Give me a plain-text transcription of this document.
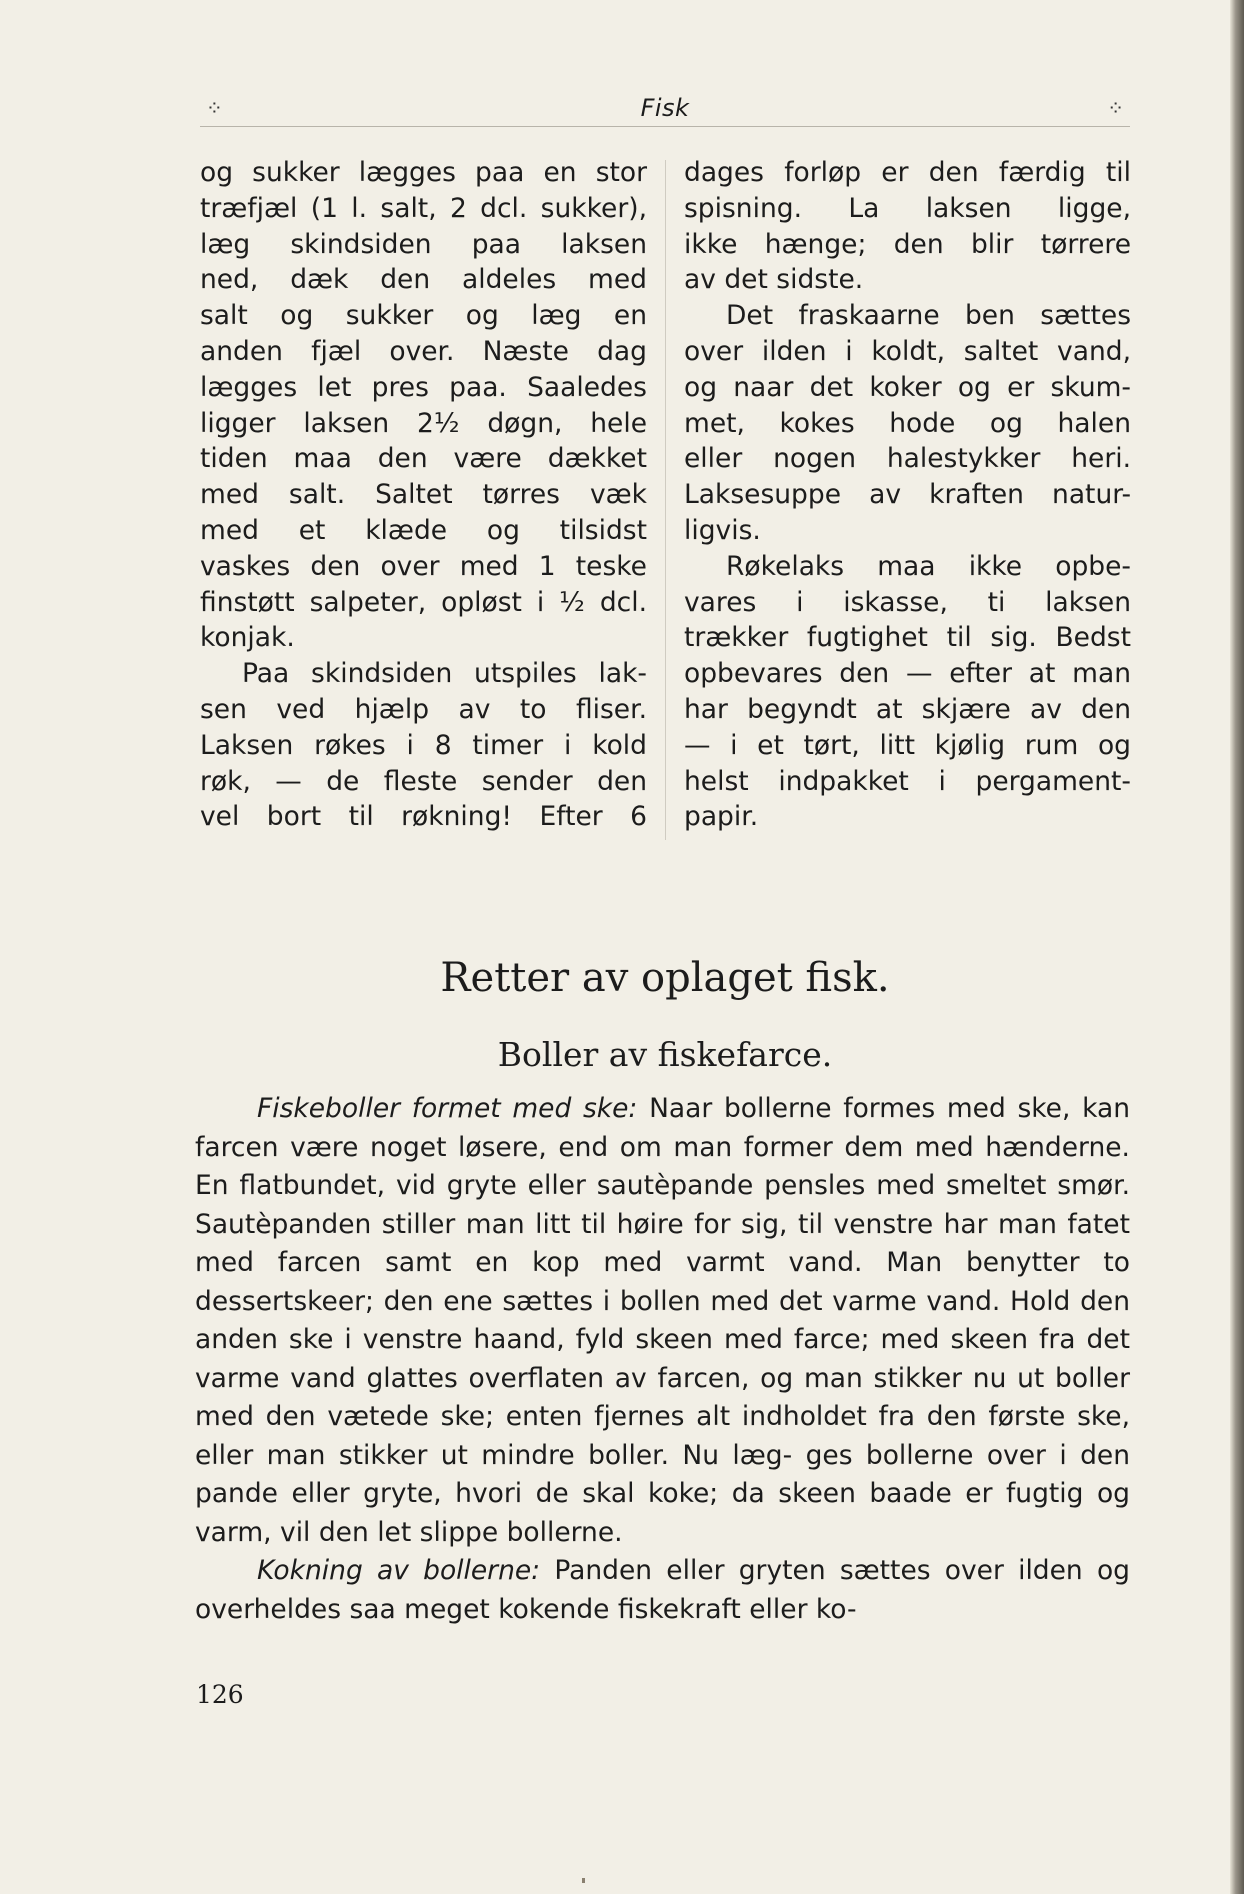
⁘	Fisk	⁘
og sukker læggеs paa en stor
træfjæl (1 l. salt, 2 dcl. sukker),
læg skindsiden paa laksen
ned, dæk den aldeles med
salt og sukker og læg en
anden fjæl over. Næste dag
lægges let pres paa. Saaledes
ligger laksen 2½ døgn, hele
tiden maa den være dækket
med salt. Saltet tørres væk
med et klæde og tilsidst
vaskes den over med 1 teske
finstøtt salpeter, opløst i ½ dcl.
konjak.
Paa skindsiden utspiles lak-
sen ved hjælp av to fliser.
Laksen røkes i 8 timer i kold
røk, — de fleste sender den
vel bort til røkning! Efter 6
dages forløp er den færdig til
spisning. La laksen ligge,
ikke hænge; den blir tørrere
av det sidste.
Det fraskaarne ben sættes
over ilden i koldt, saltet vand,
og naar det koker og er skum-
met, kokes hode og halen
eller nogen halestykker heri.
Laksesuppe av kraften natur-
ligvis.
Røkelaks maa ikke opbe-
vares i iskasse, ti laksen
trækker fugtighet til sig. Bedst
opbevares den — efter at man
har begyndt at skjære av den
— i et tørt, litt kjølig rum og
helst indpakket i pergament-
papir.
Retter av oplaget fisk.
Boller av fiskefarce.

Fiskeboller formet med ske: Naar bollerne formes med ske, kan farcen være noget løsere, end om man former dem med hænderne. En flatbundet, vid gryte eller sautèpande pensles med smeltet smør. Sautèpanden stiller man litt til høire for sig, til venstre har man fatet med farcen samt en kop med varmt vand. Man benytter to dessertskeer; den ene sættes i bollen med det varme vand. Hold den anden ske i venstre haand, fyld skeen med farce; med skeen fra det varme vand glattes overflaten av farcen, og man stikker nu ut boller med den vætede ske; enten fjernes alt indholdet fra den første ske, eller man stikker ut mindre boller. Nu læg- ges bollerne over i den pande eller gryte, hvori de skal koke; da skeen baade er fugtig og varm, vil den let slippe bollerne.

Kokning av bollerne: Panden eller gryten sættes over ilden og overheldes saa meget kokende fiskekraft eller ko-

126
